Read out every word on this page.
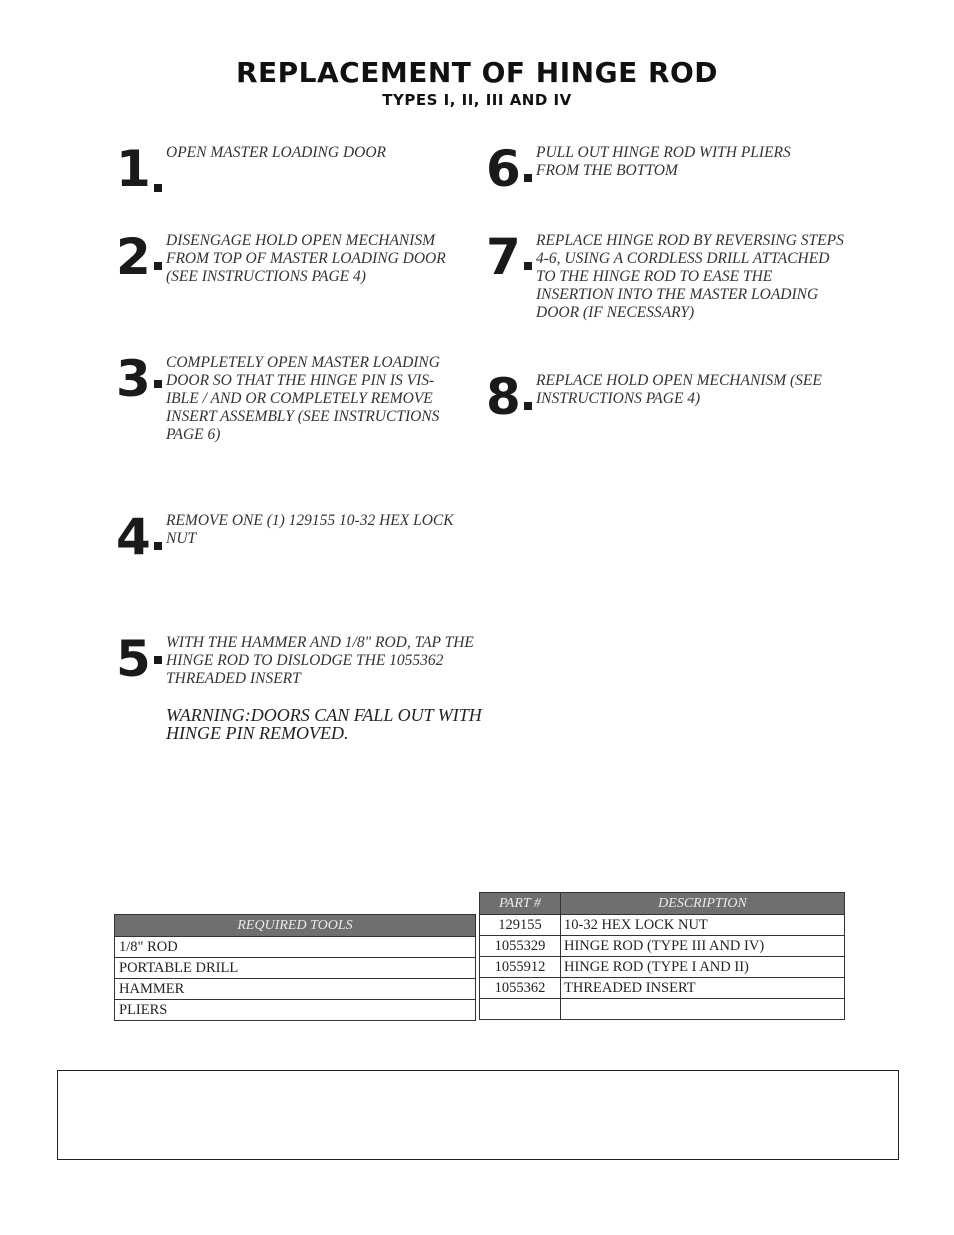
REPLACEMENT OF HINGE ROD
TYPES I, II, III AND IV
1 OPEN MASTER LOADING DOOR
2 DISENGAGE HOLD OPEN MECHANISM FROM TOP OF MASTER LOADING DOOR (SEE INSTRUCTIONS PAGE 4)
3 COMPLETELY OPEN MASTER LOADING DOOR SO THAT THE HINGE PIN IS VIS-IBLE / AND OR COMPLETELY REMOVE INSERT ASSEMBLY (SEE INSTRUCTIONS PAGE 6)
4 REMOVE ONE (1) 129155 10-32 HEX LOCK NUT
5 WITH THE HAMMER AND 1/8" ROD, TAP THE HINGE ROD TO DISLODGE THE 1055362 THREADED INSERT
WARNING:DOORS CAN FALL OUT WITH HINGE PIN REMOVED.
6 PULL OUT HINGE ROD WITH PLIERS FROM THE BOTTOM
7 REPLACE HINGE ROD BY REVERSING STEPS 4-6, USING A CORDLESS DRILL ATTACHED TO THE HINGE ROD TO EASE THE INSERTION INTO THE MASTER LOADING DOOR (IF NECESSARY)
8 REPLACE HOLD OPEN MECHANISM (SEE INSTRUCTIONS PAGE 4)
REQUIRED TOOLS
1/8" ROD
PORTABLE DRILL
HAMMER
PLIERS
PART #	DESCRIPTION
129155	10-32 HEX LOCK NUT
1055329	HINGE ROD (TYPE III AND IV)
1055912	HINGE ROD (TYPE I AND II)
1055362	THREADED INSERT
